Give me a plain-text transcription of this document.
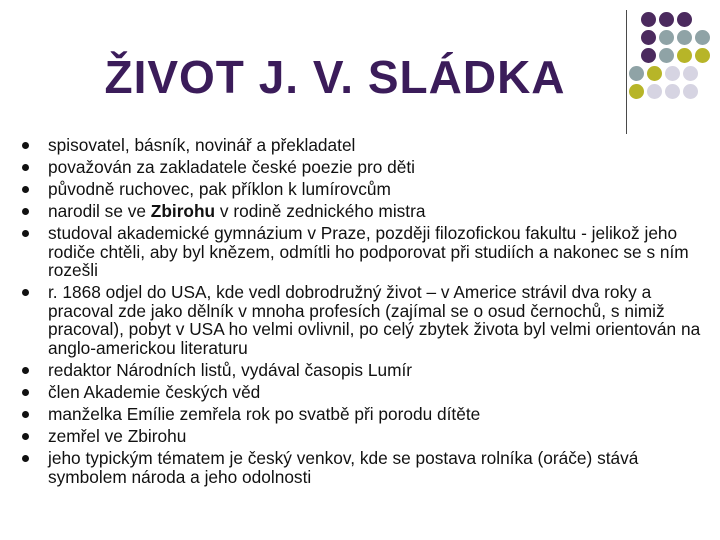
ŽIVOT J. V. SLÁDKA
spisovatel, básník, novinář a překladatel
považován za zakladatele české poezie pro děti
původně ruchovec, pak příklon k lumírovcům
narodil se ve Zbirohu v rodině zednického mistra
studoval akademické gymnázium v Praze, později filozofickou fakultu - jelikož jeho rodiče chtěli, aby byl knězem, odmítli ho podporovat při studiích a nakonec se s ním rozešli
r. 1868 odjel do USA, kde vedl dobrodružný život – v Americe strávil dva roky a pracoval zde jako dělník v mnoha profesích (zajímal se o osud černochů, s nimiž pracoval), pobyt v USA ho velmi ovlivnil, po celý zbytek života byl velmi orientován na anglo-americkou literaturu
redaktor Národních listů, vydával časopis Lumír
člen Akademie českých věd
manželka Emílie zemřela rok po svatbě při porodu dítěte
zemřel ve Zbirohu
jeho typickým tématem je český venkov, kde se postava rolníka (oráče) stává symbolem národa a jeho odolnosti
